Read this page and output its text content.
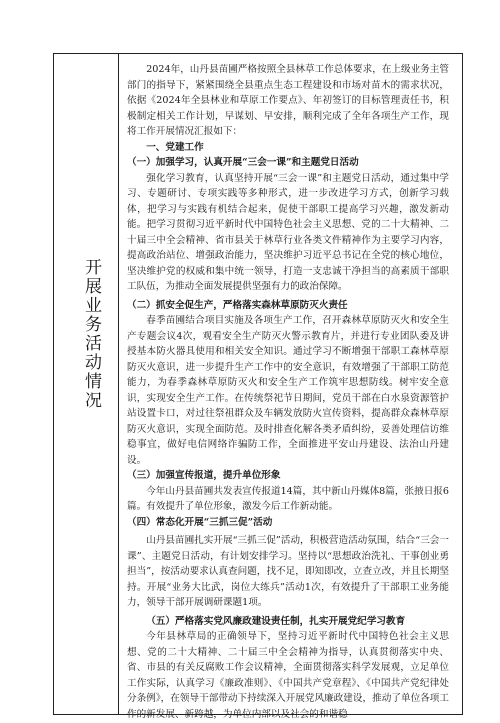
开展业务活动情况

2024年，山丹县苗圃严格按照全县林草工作总体要求，在上级业务主管部门的指导下，紧紧围绕全县重点生态工程建设和市场对苗木的需求状况，依据《2024年全县林业和草原工作要点》、年初签订的目标管理责任书，积极制定相关工作计划，早谋划、早安排，顺利完成了全年各项生产工作，现将工作开展情况汇报如下：

一、党建工作

（一）加强学习，认真开展“三会一课”和主题党日活动

强化学习教育，认真坚持开展“三会一课”和主题党日活动，通过集中学习、专题研讨、专项实践等多种形式，进一步改进学习方式，创新学习载体，把学习与实践有机结合起来，促使干部职工提高学习兴趣，激发新动能。把学习贯彻习近平新时代中国特色社会主义思想、党的二十大精神、二十届三中全会精神、省市县关于林草行业各类文件精神作为主要学习内容，提高政治站位、增强政治能力，坚决维护习近平总书记在全党的核心地位，坚决维护党的权威和集中统一领导，打造一支忠诚干净担当的高素质干部职工队伍，为推动全面发展提供坚强有力的政治保障。

（二）抓安全促生产，严格落实森林草原防灭火责任

春季苗圃结合项目实施及各项生产工作，召开森林草原防灭火和安全生产专题会议4次，观看安全生产防灭火警示教育片，并进行专业团队委及讲授基本防火器具使用和相关安全知识。通过学习不断增强干部职工森林草原防灭火意识，进一步提升生产工作中的安全意识，有效增强了干部职工防范能力，为春季森林草原防灭火和安全生产工作筑牢思想防线。树牢安全意识，实现安全生产工作。在传统祭祀节日期间，党员干部在白水泉资源管护站设置卡口，对过往祭祖群众及车辆发放防火宣传资料，提高群众森林草原防灭火意识，实现全面防范。及时排查化解各类矛盾纠纷，妥善处理信访维稳事宜，做好电信网络诈骗防工作，全面推进平安山丹建设、法治山丹建设。

（三）加强宣传报道，提升单位形象

今年山丹县苗圃共发表宣传报道14篇，其中新山丹媒体8篇，张掖日报6篇。有效提升了单位形象，激发今后工作新动能。

（四）常态化开展“三抓三促”活动

山丹县苗圃扎实开展“三抓三促”活动，积极营造活动氛围，结合“三会一课”、主题党日活动，有计划安排学习。坚持以“思想政治洗礼、干事创业勇担当”，按活动要求认真查问题，找不足，即知即改，立查立改，并且长期坚持。开展“业务大比武，岗位大练兵”活动1次，有效提升了干部职工业务能力，领导干部开展调研课题1项。

（五）严格落实党风廉政建设责任制，扎实开展党纪学习教育

今年县林草局的正确领导下，坚持习近平新时代中国特色社会主义思想、党的二十大精神、二十届三中全会精神为指导，认真贯彻落实中央、省、市县的有关反腐败工作会议精神，全面贯彻落实科学发展观，立足单位工作实际，认真学习《廉政准则》、《中国共产党章程》、《中国共产党纪律处分条例》，在领导干部带动下持续深入开展党风廉政建设，推动了单位各项工作的新发展、新跨越，为单位内部以及社会的和谐稳
